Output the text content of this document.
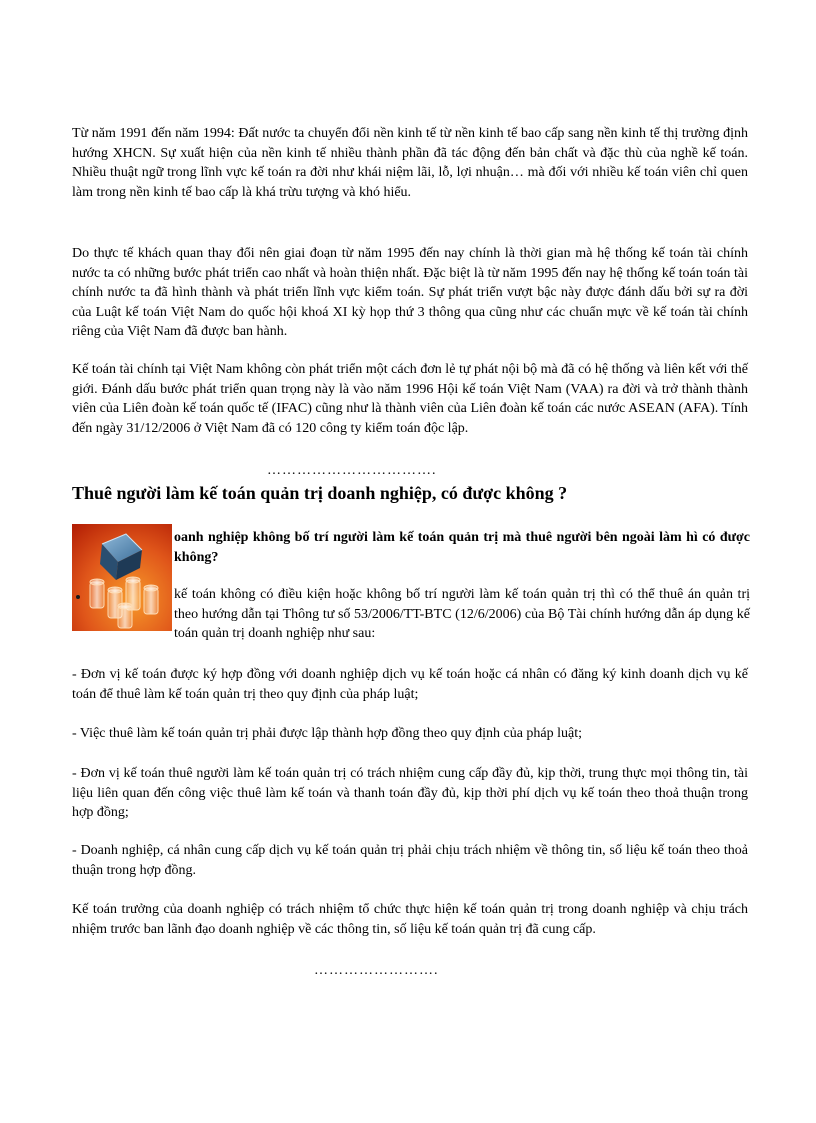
Từ năm 1991 đến năm 1994: Đất nước ta chuyển đổi nền kinh tế từ nền kinh tế bao cấp sang nền kinh tế thị trường định hướng XHCN. Sự xuất hiện của nền kinh tế nhiều thành phần đã tác động đến bản chất và đặc thù của nghề kế toán. Nhiều thuật ngữ trong lĩnh vực kế toán ra đời như khái niệm lãi, lỗ, lợi nhuận… mà đối với nhiều kế toán viên chỉ quen làm trong nền kinh tế bao cấp là khá trừu tượng và khó hiểu.

Do thực tế khách quan thay đổi nên giai đoạn từ năm 1995 đến nay chính là thời gian mà hệ thống kế toán tài chính nước ta có những bước phát triển cao nhất và hoàn thiện nhất. Đặc biệt là từ năm 1995 đến nay hệ thống kế toán toán tài chính nước ta đã hình thành và phát triển lĩnh vực kiểm toán. Sự phát triển vượt bậc này được đánh dấu bởi sự ra đời của Luật kế toán Việt Nam do quốc hội khoá XI kỳ họp thứ 3 thông qua cũng như các chuẩn mực về kế toán tài chính riêng của Việt Nam đã được ban hành.

Kế toán tài chính tại Việt Nam không còn phát triển một cách đơn lẻ tự phát nội bộ mà đã có hệ thống và liên kết với thế giới. Đánh dấu bước phát triển quan trọng này là vào năm 1996 Hội kế toán Việt Nam (VAA) ra đời và trở thành thành viên của Liên đoàn kế toán quốc tế (IFAC) cũng như là thành viên của Liên đoàn kế toán các nước ASEAN (AFA). Tính đến ngày 31/12/2006 ở Việt Nam đã có 120 công ty kiểm toán độc lập.

…………………………….
Thuê người làm kế toán quản trị doanh nghiệp, có được không ?

oanh nghiệp không bố trí người làm kế toán quản trị mà thuê người bên ngoài làm hì có được không?

kế toán không có điều kiện hoặc không bố trí người làm kế toán quản trị thì có thể thuê án quản trị theo hướng dẫn tại Thông tư số 53/2006/TT-BTC (12/6/2006) của Bộ Tài chính hướng dẫn áp dụng kế toán quản trị doanh nghiệp như sau:

- Đơn vị kế toán được ký hợp đồng với doanh nghiệp dịch vụ kế toán hoặc cá nhân có đăng ký kinh doanh dịch vụ kế toán để thuê làm kế toán quản trị theo quy định của pháp luật;

- Việc thuê làm kế toán quản trị phải được lập thành hợp đồng theo quy định của pháp luật;

- Đơn vị kế toán thuê người làm kế toán quản trị có trách nhiệm cung cấp đầy đủ, kịp thời, trung thực mọi thông tin, tài liệu liên quan đến công việc thuê làm kế toán và thanh toán đầy đủ, kịp thời phí dịch vụ kế toán theo thoả thuận trong hợp đồng;

- Doanh nghiệp, cá nhân cung cấp dịch vụ kế toán quản trị phải chịu trách nhiệm về thông tin, số liệu kế toán theo thoả thuận trong hợp đồng.

Kế toán trưởng của doanh nghiệp có trách nhiệm tổ chức thực hiện kế toán quản trị trong doanh nghiệp và chịu trách nhiệm trước ban lãnh đạo doanh nghiệp về các thông tin, số liệu kế toán quản trị đã cung cấp.

…………………….
